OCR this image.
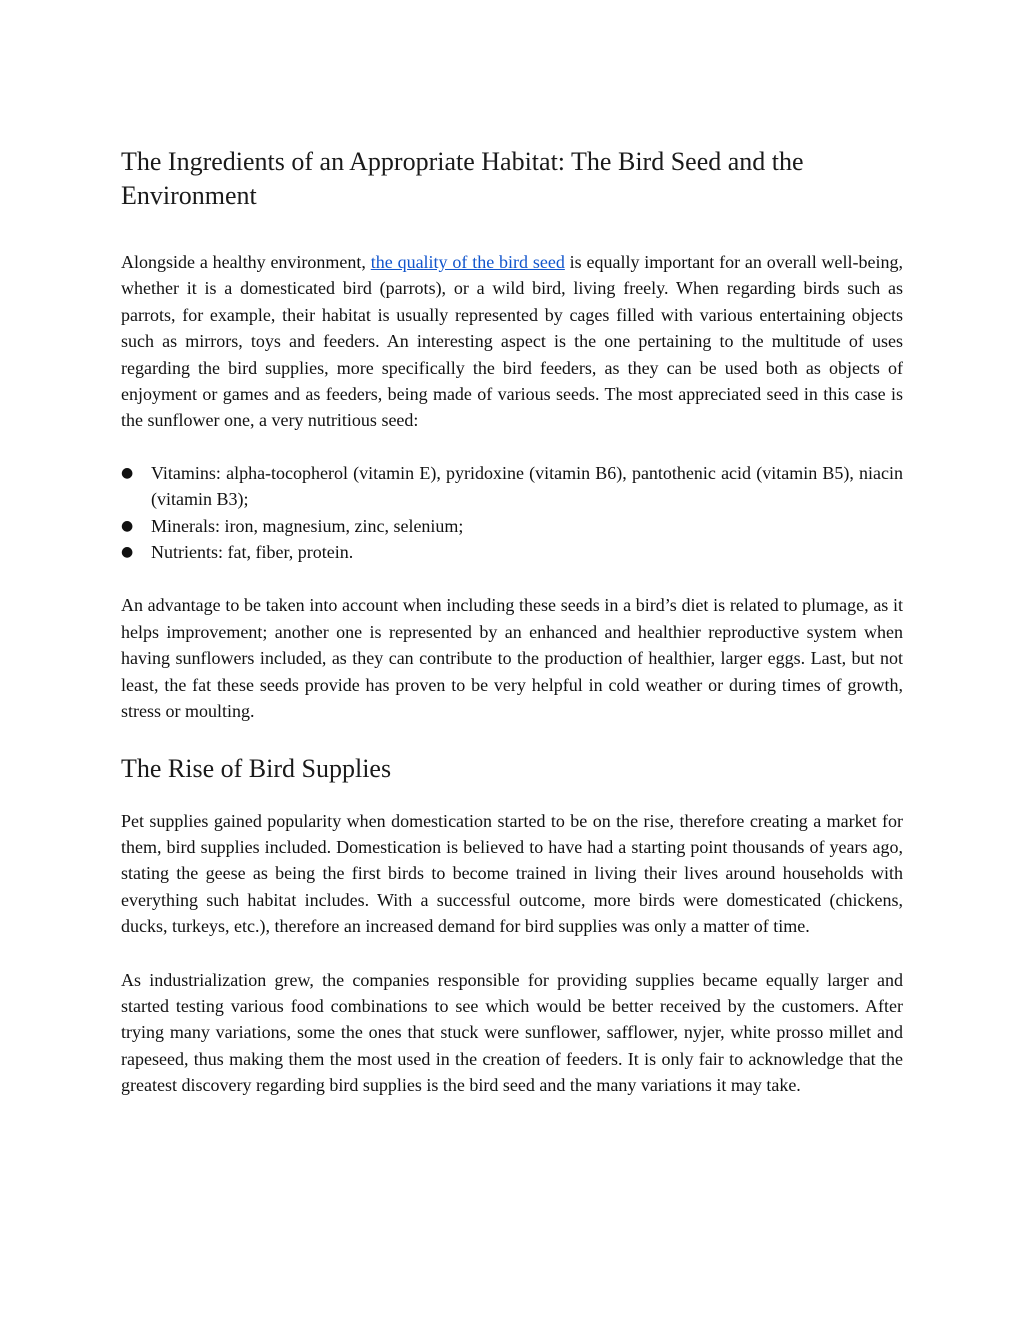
The Ingredients of an Appropriate Habitat: The Bird Seed and the Environment

Alongside a healthy environment, the quality of the bird seed is equally important for an overall well-being, whether it is a domesticated bird (parrots), or a wild bird, living freely. When regarding birds such as parrots, for example, their habitat is usually represented by cages filled with various entertaining objects such as mirrors, toys and feeders. An interesting aspect is the one pertaining to the multitude of uses regarding the bird supplies, more specifically the bird feeders, as they can be used both as objects of enjoyment or games and as feeders, being made of various seeds. The most appreciated seed in this case is the sunflower one, a very nutritious seed:

● Vitamins: alpha-tocopherol (vitamin E), pyridoxine (vitamin B6), pantothenic acid (vitamin B5), niacin (vitamin B3);
● Minerals: iron, magnesium, zinc, selenium;
● Nutrients: fat, fiber, protein.

An advantage to be taken into account when including these seeds in a bird’s diet is related to plumage, as it helps improvement; another one is represented by an enhanced and healthier reproductive system when having sunflowers included, as they can contribute to the production of healthier, larger eggs. Last, but not least, the fat these seeds provide has proven to be very helpful in cold weather or during times of growth, stress or moulting.

The Rise of Bird Supplies

Pet supplies gained popularity when domestication started to be on the rise, therefore creating a market for them, bird supplies included. Domestication is believed to have had a starting point thousands of years ago, stating the geese as being the first birds to become trained in living their lives around households with everything such habitat includes. With a successful outcome, more birds were domesticated (chickens, ducks, turkeys, etc.), therefore an increased demand for bird supplies was only a matter of time.

As industrialization grew, the companies responsible for providing supplies became equally larger and started testing various food combinations to see which would be better received by the customers. After trying many variations, some the ones that stuck were sunflower, safflower, nyjer, white prosso millet and rapeseed, thus making them the most used in the creation of feeders. It is only fair to acknowledge that the greatest discovery regarding bird supplies is the bird seed and the many variations it may take.
